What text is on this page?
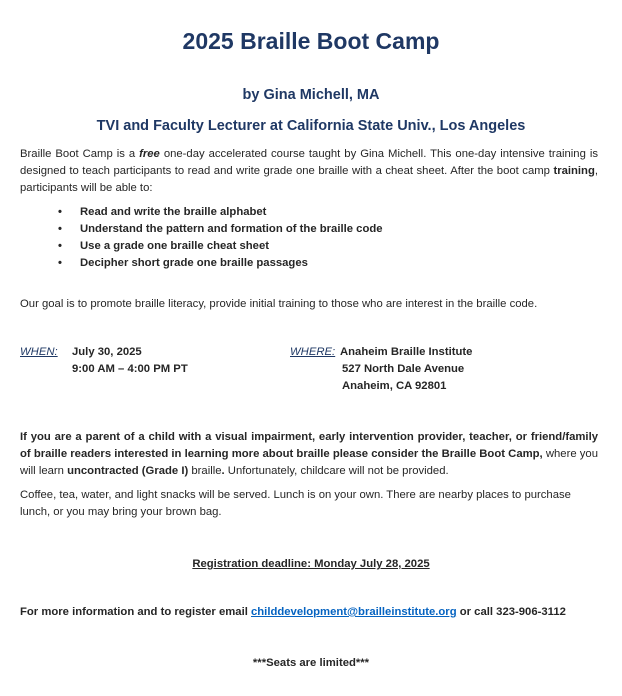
2025 Braille Boot Camp

by Gina Michell, MA

TVI and Faculty Lecturer at California State Univ., Los Angeles

Braille Boot Camp is a free one-day accelerated course taught by Gina Michell. This one-day intensive training is designed to teach participants to read and write grade one braille with a cheat sheet. After the boot camp training, participants will be able to:

• Read and write the braille alphabet
• Understand the pattern and formation of the braille code
• Use a grade one braille cheat sheet
• Decipher short grade one braille passages

Our goal is to promote braille literacy, provide initial training to those who are interest in the braille code.

WHEN: July 30, 2025
9:00 AM – 4:00 PM PT
WHERE: Anaheim Braille Institute
527 North Dale Avenue
Anaheim, CA 92801

If you are a parent of a child with a visual impairment, early intervention provider, teacher, or friend/family of braille readers interested in learning more about braille please consider the Braille Boot Camp, where you will learn uncontracted (Grade I) braille. Unfortunately, childcare will not be provided.

Coffee, tea, water, and light snacks will be served. Lunch is on your own. There are nearby places to purchase lunch, or you may bring your brown bag.

Registration deadline: Monday July 28, 2025

For more information and to register email childdevelopment@brailleinstitute.org or call 323-906-3112

***Seats are limited***
